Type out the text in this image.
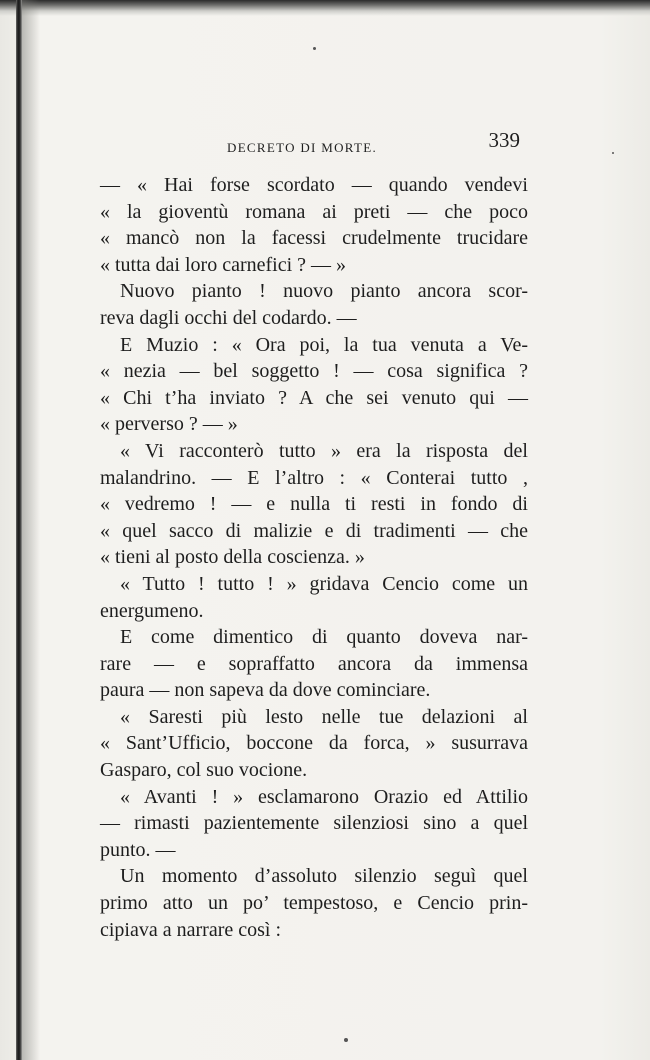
DECRETO DI MORTE.	339
— « Hai forse scordato — quando vendevi
« la gioventù romana ai preti — che poco
« mancò non la facessi crudelmente trucidare
« tutta dai loro carnefici ? — »
Nuovo pianto ! nuovo pianto ancora scor-
reva dagli occhi del codardo. —
E Muzio : « Ora poi, la tua venuta a Ve-
« nezia — bel soggetto ! — cosa significa ?
« Chi t’ha inviato ? A che sei venuto qui —
« perverso ? — »
« Vi racconterò tutto » era la risposta del
malandrino. — E l’altro : « Conterai tutto ,
« vedremo ! — e nulla ti resti in fondo di
« quel sacco di malizie e di tradimenti — che
« tieni al posto della coscienza. »
« Tutto ! tutto ! » gridava Cencio come un
energumeno.
E come dimentico di quanto doveva nar-
rare — e sopraffatto ancora da immensa
paura — non sapeva da dove cominciare.
« Saresti più lesto nelle tue delazioni al
« Sant’Ufficio, boccone da forca, » susurrava
Gasparo, col suo vocione.
« Avanti ! » esclamarono Orazio ed Attilio
— rimasti pazientemente silenziosi sino a quel
punto. —
Un momento d’assoluto silenzio seguì quel
primo atto un po’ tempestoso, e Cencio prin-
cipiava a narrare così :
